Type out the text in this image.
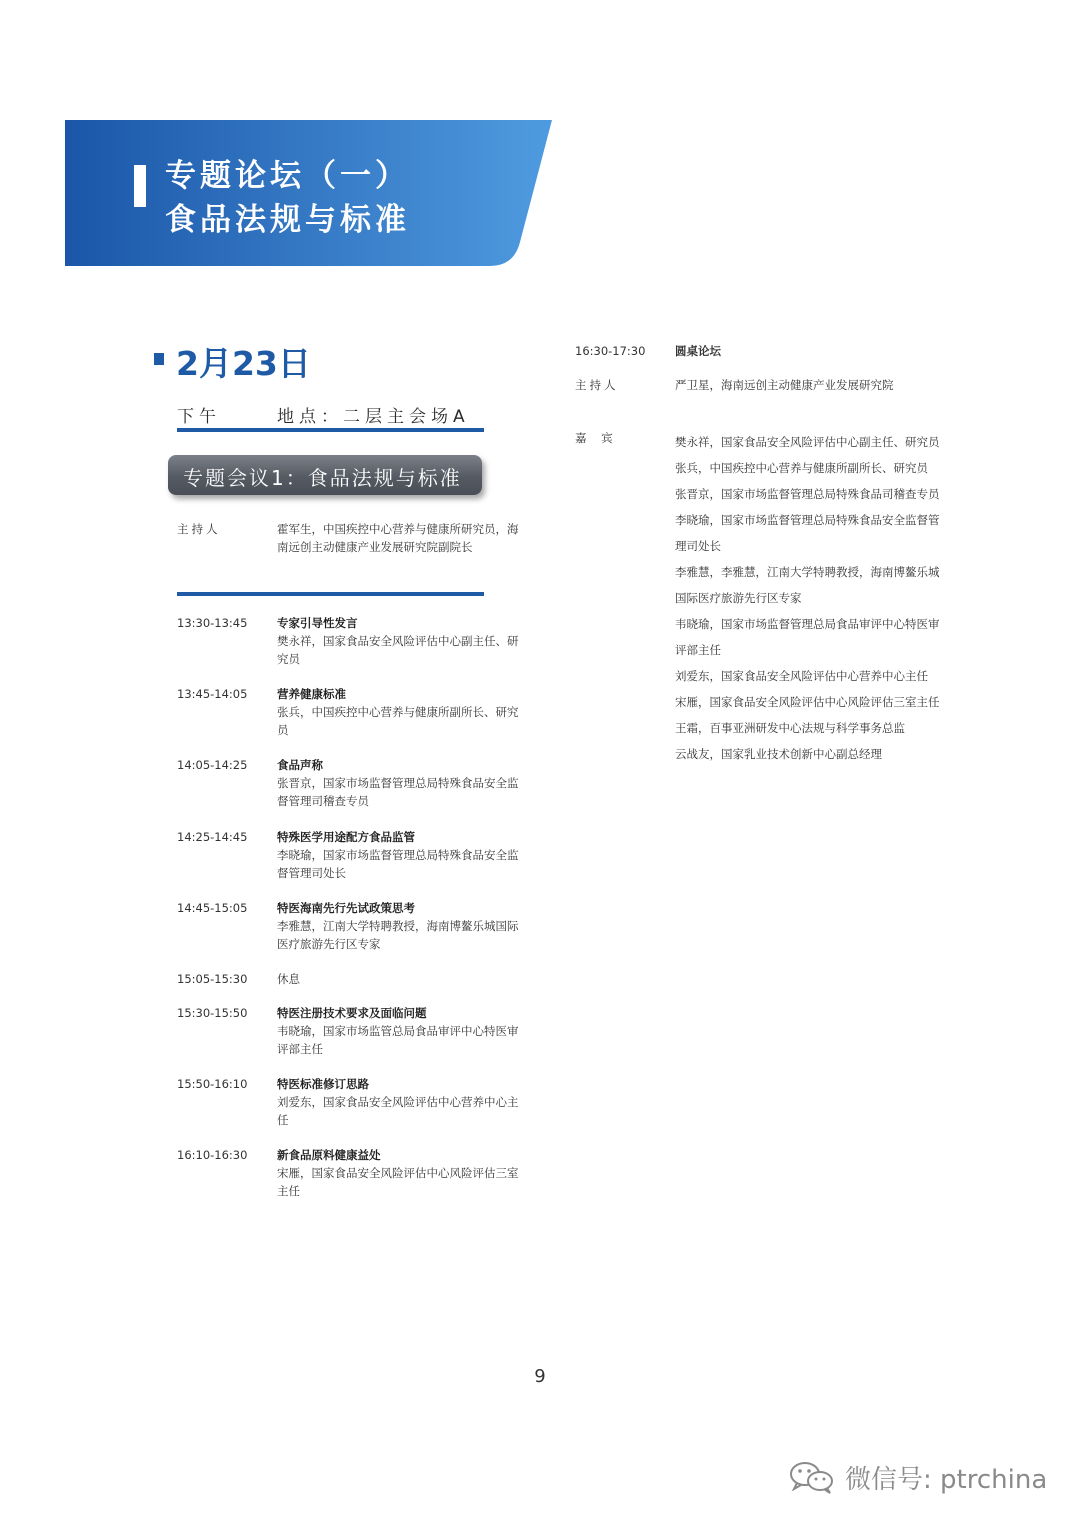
专题论坛（一）
食品法规与标准
2月23日
下午	地点：二层主会场A
专题会议1：食品法规与标准
主持人	霍军生，中国疾控中心营养与健康所研究员，海南远创主动健康产业发展研究院副院长
13:30-13:45	专家引导性发言
樊永祥，国家食品安全风险评估中心副主任、研究员
13:45-14:05	营养健康标准
张兵，中国疾控中心营养与健康所副所长、研究员
14:05-14:25	食品声称
张晋京，国家市场监督管理总局特殊食品安全监督管理司稽查专员
14:25-14:45	特殊医学用途配方食品监管
李晓瑜，国家市场监督管理总局特殊食品安全监督管理司处长
14:45-15:05	特医海南先行先试政策思考
李雅慧，江南大学特聘教授，海南博鳌乐城国际医疗旅游先行区专家
15:05-15:30	休息
15:30-15:50	特医注册技术要求及面临问题
韦晓瑜，国家市场监管总局食品审评中心特医审评部主任
15:50-16:10	特医标准修订思路
刘爱东，国家食品安全风险评估中心营养中心主任
16:10-16:30	新食品原料健康益处
宋雁，国家食品安全风险评估中心风险评估三室主任
16:30-17:30	圆桌论坛
主持人	严卫星，海南远创主动健康产业发展研究院
嘉    宾	樊永祥，国家食品安全风险评估中心副主任、研究员
张兵，中国疾控中心营养与健康所副所长、研究员
张晋京，国家市场监督管理总局特殊食品司稽查专员
李晓瑜，国家市场监督管理总局特殊食品安全监督管
理司处长
李雅慧，李雅慧，江南大学特聘教授，海南博鳌乐城
国际医疗旅游先行区专家
韦晓瑜，国家市场监督管理总局食品审评中心特医审
评部主任
刘爱东，国家食品安全风险评估中心营养中心主任
宋雁，国家食品安全风险评估中心风险评估三室主任
王霜，百事亚洲研发中心法规与科学事务总监
云战友，国家乳业技术创新中心副总经理
9
微信号: ptrchina
